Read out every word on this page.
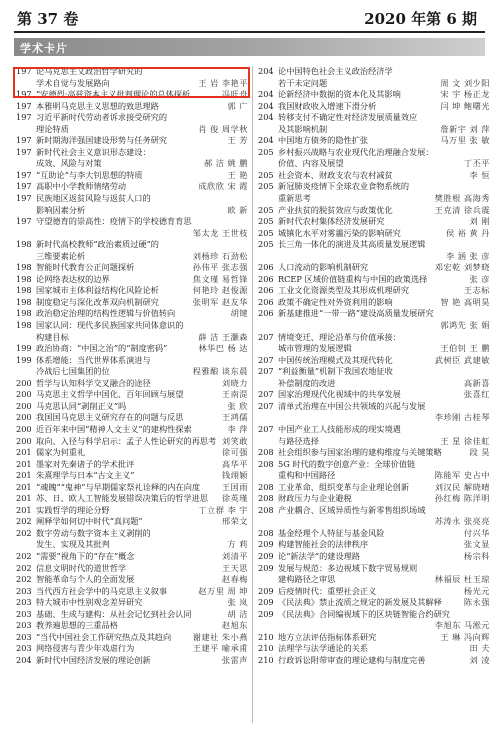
第 37 卷	2020 年第 6 期
学术卡片
197 论马克思主义政治哲学研究的
学术自觉与发展路向	王 岩 李艳平
197 “安德烈·高兹资本主义批判理论的总体探析	冯旺舟
197 本雅明马克思主义思想的致思理路	郭 广
197 习近平新时代劳动者诉求接受研究的
理论特质	肖 俊 周学秋
197 新时期海洋强国建设形势与任务研究	王 芳
197 新时代社会主义意识形态建设：
成效、风险与对策	郝 洁 姚 鹏
197 “互助论”与李大钊思想的特质	王 艳
197 高职中小学教师情绪劳动	成欣欣 宋 霞
197 民族地区返贫风险与返贫人口的
影响因素分析	欧 新
197 守望德育的崇高性：疫情下的学校德育育思
邹太龙 王世枝
198 新时代高校教师“政治素质过硬”的
三维要素论析	刘杨珍 石劲松
198 智能时代教育公正问题探析	孙伟平 张志强
198 论网络表达权的边界	焦文瑾 易哲锋
198 国家城市主体利益结构化风险论析	何艳玲 赵俊源
198 制度稳定与深化改革双向机制研究	张明军 赵友华
198 政治稳定治理的结构性逻辑与价值转向	胡键
198 国家认同：现代多民族国家共同体意识的
构建目标	薛 洁 王灏森
199 政治协商：“中国之治”的“制度密码”	林华巴 杨 达
199 体系增能：当代世界体系演进与
冷战后七国集团的位	程雅酿 谈东晨
200 哲学与认知科学交叉融合的途径	刘晓力
200 马克思主义哲学中国化、百年回顾与展望	王南湜
200 马克思认同“剥削正义”吗	张 欣
200 我国国马克思主义研究存在的问题与反思	王鸿儒
200 近百年来中国“精神人文主义”的建构性探索	李 萍
200 取向、入径与科学启示：孟子人性论研究的再思考 刘笑敢
201 儒家为何重礼	徐可强
201 墨家对先秦诸子的学术批评	高华平
201 朱熹理学与日本“古文主义”	钱翊颖
201 “魂魄”“鬼神”与早期儒家祭礼诠释的内在向度	王国雨
201 苏、日、欧人工智能发展错误决策后的哲学进思	徐英瑾
201 实践哲学的理论分野	丁立群 李 宇
202 阐释学如何切中时代“真问题”	邢荣文
202 数字劳动与数字资本主义剥削的
发生、实现及其批判	方 莉
202 “需要”视角下的“存在”概念	刘清平
202 信息文明时代的道世哲学	王天思
202 智能革命与个人的全面发展	赵春梅
203 当代西方社会学中的马克思主义叙事	赵万里 周 坤
203 特大城市中性别观念差异研究	张 岚
203 基础、生成与建构：从社会记忆到社会认同	胡 洁
203 教养遍思想的三重品格	赵旭东
203 “当代中国社会工作研究热点及其趋向	谢建社 朱小燕
203 网络侵害与青少年戏虐行为	王建平 喻承甫
204 新时代中国经济发展的理论创新	张雷声
204 论中国特色社会主义政治经济学
若干未定问题	周 文 刘少阳
204 论新经济中数据的资本化及其影响	宋 宇 杨正龙
204 我国财政收入增速下滑分析	闫 坤 鲍曙光
204 转移支付不确定性对经济发展质量效应
及其影响机制	詹新宇 刘 萍
204 中国地方债务的隐性扩张	马万里 张 敏
205 乡村振兴战略与农业现代化治理融合发展：
价值、内容及展望	丁丕平
205 社会资本、财政支农与农村减贫	李 恒
205 新冠肺炎疫情下全球农业食物系统的
重新思考	樊胜根 高海秀
205 产业扶贫的脱贫效应与政策优化	王克清 徐兵震
205 新时代农村集体经济发展研究	刘 刚
205 城镇化水平对雾霾污染的影响研究	侯 裕 黄 丹
205 长三角一体化的演进及其高质量发展逻辑
李 涵 张 彦
206 人口流动的影响机制研究	邓宏乾 刘梦晓
206 RCEP 区域价值链重构与中国的政策选择	张 彦
206 工业文化资源类型及其形成机理研究	王志标
206 政策不确定性对外资利用的影响	智 艳 高明昊
206 新基建推进“一带一路”建设高质量发展研究
郭鸿先 张 娟
207 情境变迁、理论沿革与价值承接：
城市管理的发展逻辑	王伯钊 王 鹏
207 中国传统治理模式及其现代转化	武树臣 武建敏
207 “利益衡量”机制下我国农地征收
补偿制度的改进	高新喜
207 国家治理现代化视域中的共享发展	张喜红
207 清单式治理在中国公共领域的兴起与发展
李珍刚 古桂琴
207 中国产业工人技能形成的现实境遇
与路径选择	王 星 徐佳虹
208 社会组织参与国家治理的建构维度与关键策略	段 昊
208 5G 时代的数字创意产业：全球价值链
重构和中国路径	陈能军 史占中
208 工业革命、组织变革与企业理论创新	刘汉民 解晓晴
208 财政压力与企业避税	孙红梅 陈洋明
208 产业耦合、区域异质性与新零售组织场域
苏涛永 张亮亮
208 基金经理个人特征与基金风险	付兴华
209 构建智能社会的法律秩序	张文显
209 论“新法学”的建设理路	杨宗科
209 发展与规范：多边视域下数字贸易规则
建构路径之审思	林福辰 杜玉琼
209 后疫情时代：重塑社会正义	杨光元
209 《民法典》禁止流质之规定的新发展及其解释	陈永强
209 《民法典》合同编视域下的区块链智能合约研究
李旭东 马淞元
210 地方立法评估指标体系研究	王 琳 冯向辉
210 法理学与法学通论的关系	田 夫
210 行政诉讼附带审查的理论建构与制度完善	刘 凌
